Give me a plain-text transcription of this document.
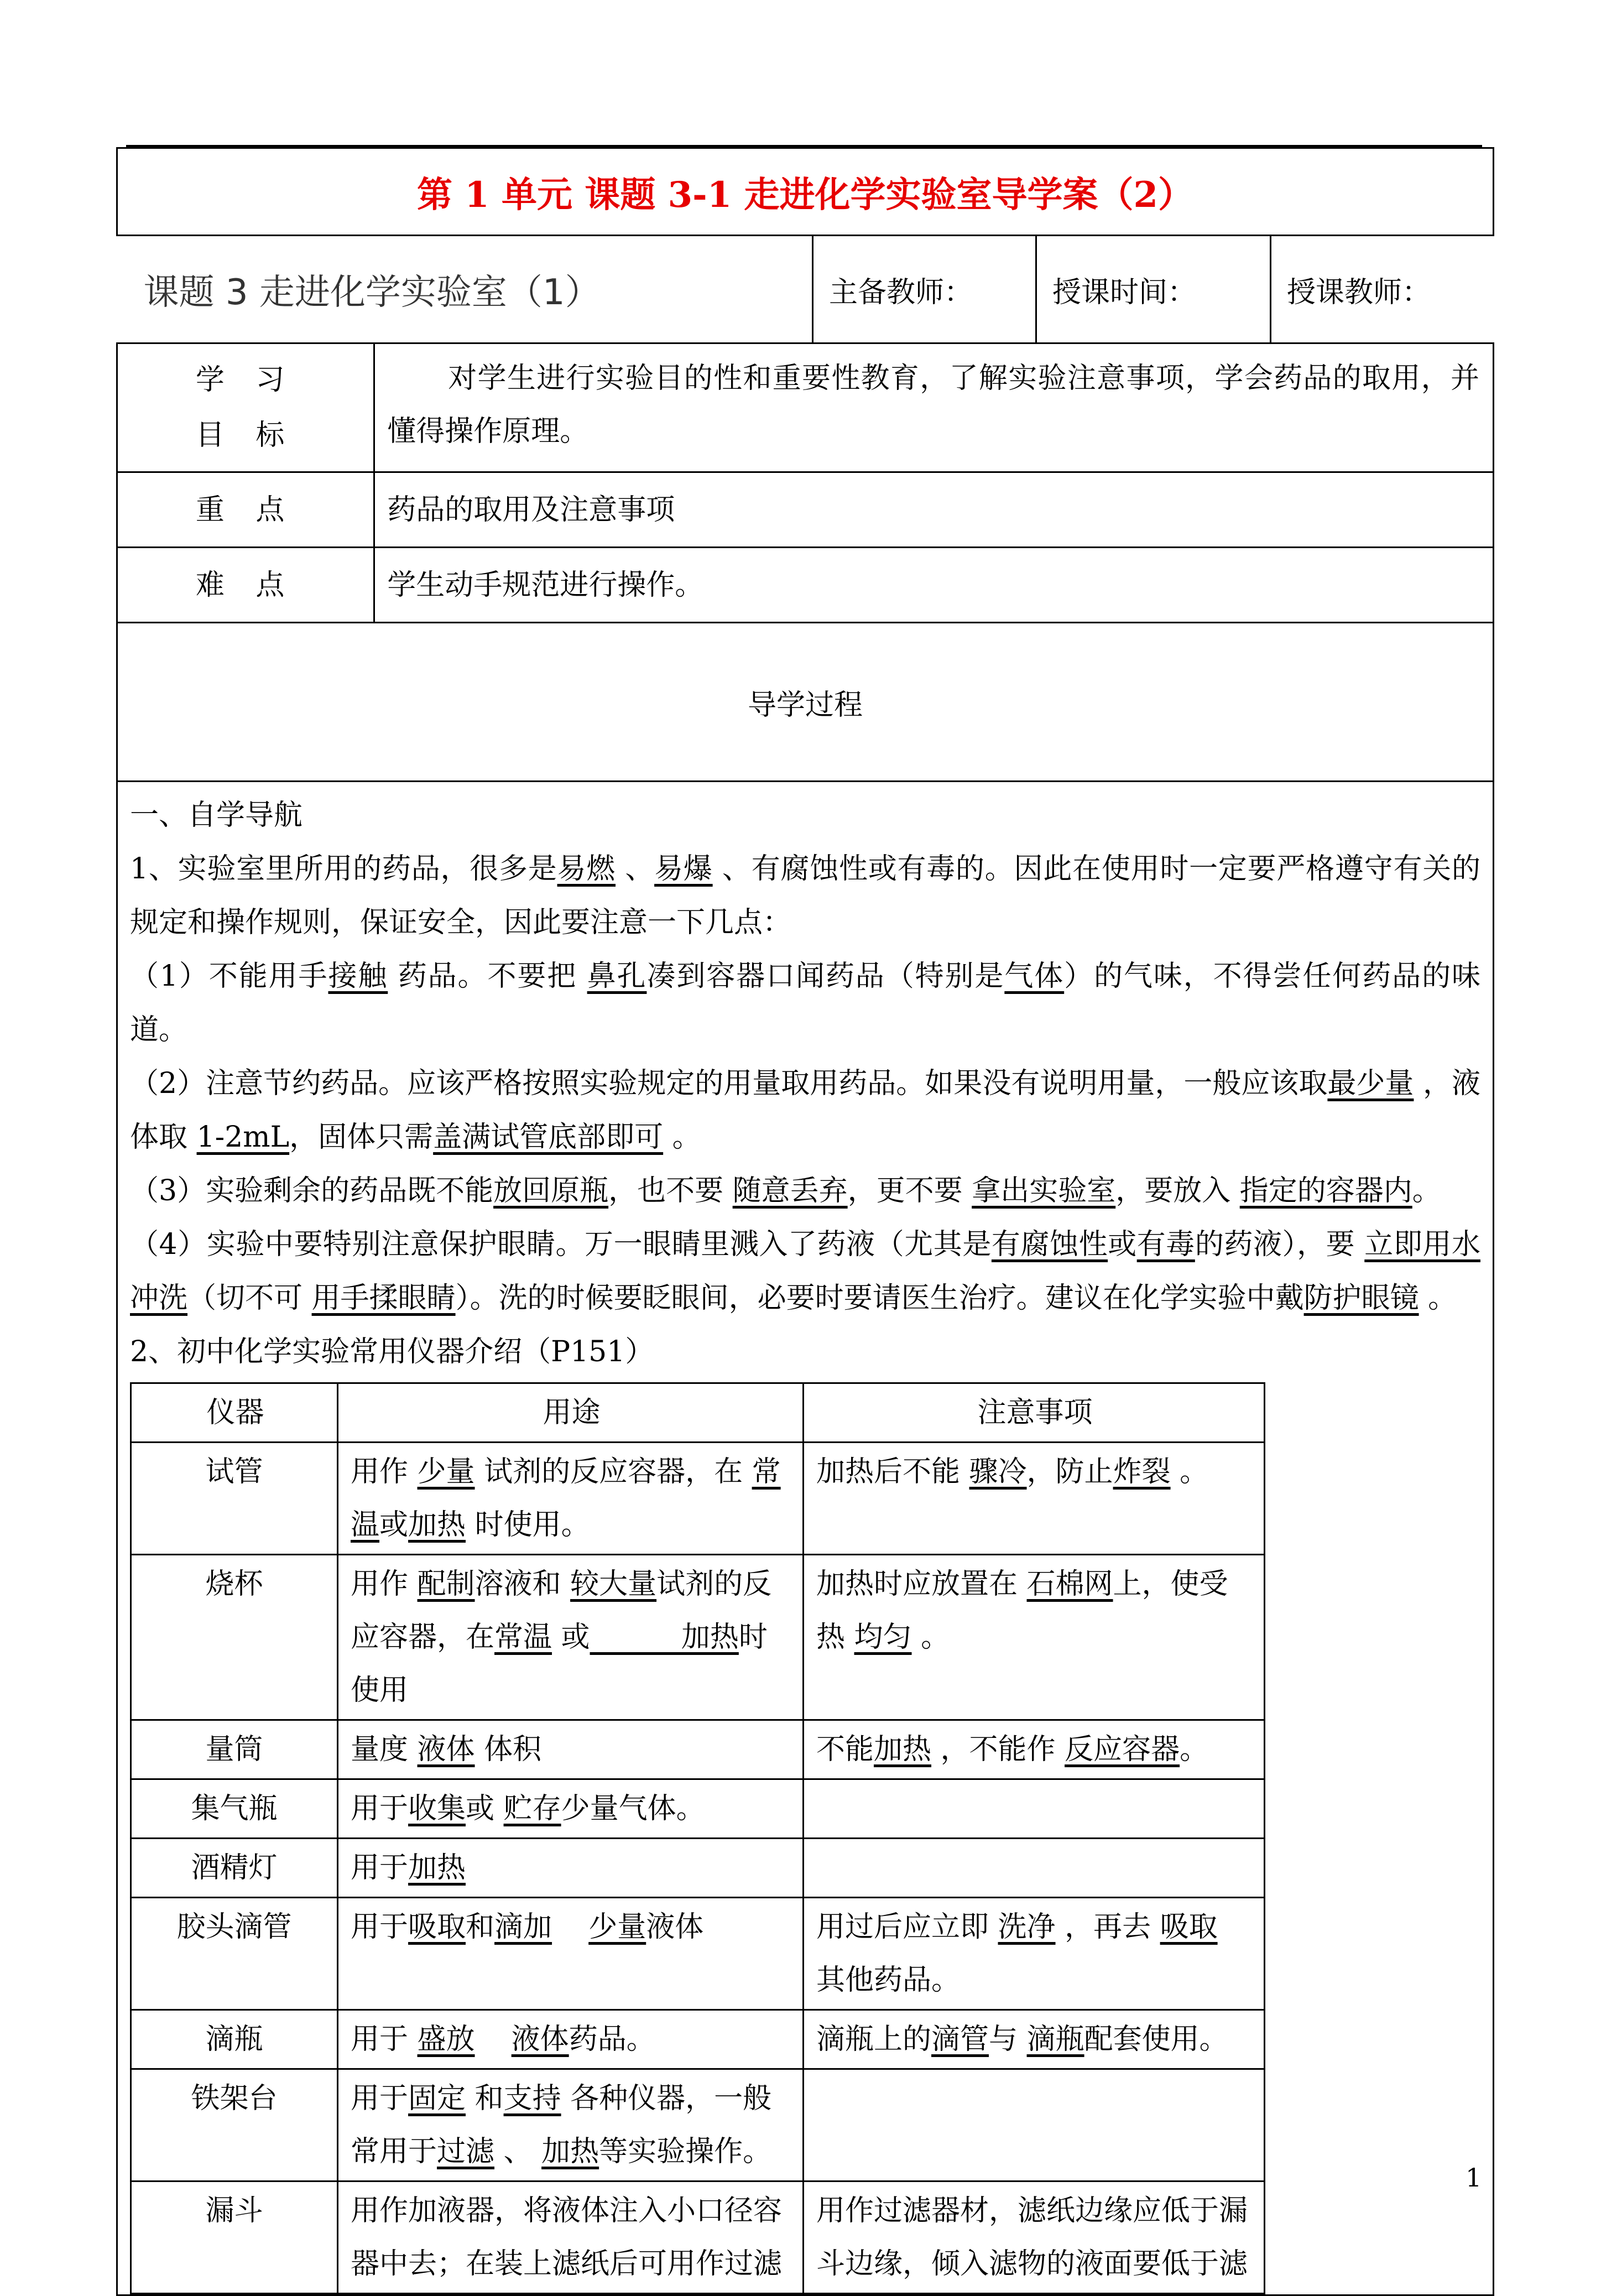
第 1 单元 课题 3-1 走进化学实验室导学案（2）

课题 3 走进化学实验室（1）	主备教师：	授课时间：	授课教师：

学 习
目 标

对学生进行实验目的性和重要性教育，了解实验注意事项，学会药品的取用，并懂得操作原理。

重 点	药品的取用及注意事项
难 点	学生动手规范进行操作。
导学过程

一、自学导航

1、实验室里所用的药品，很多是易燃 、易爆 、有腐蚀性或有毒的。因此在使用时一定要严格遵守有关的规定和操作规则，保证安全，因此要注意一下几点：

（1）不能用手接触 药品。不要把 鼻孔凑到容器口闻药品（特别是气体）的气味，不得尝任何药品的味道。

（2）注意节约药品。应该严格按照实验规定的用量取用药品。如果没有说明用量，一般应该取最少量 ，液体取 1-2mL，固体只需盖满试管底部即可 。

（3）实验剩余的药品既不能放回原瓶，也不要 随意丢弃，更不要 拿出实验室，要放入 指定的容器内。

（4）实验中要特别注意保护眼睛。万一眼睛里溅入了药液（尤其是有腐蚀性或有毒的药液），要 立即用水冲洗（切不可 用手揉眼睛）。洗的时候要眨眼间，必要时要请医生治疗。建议在化学实验中戴防护眼镜 。

2、初中化学实验常用仪器介绍（P151）

仪器	用途	注意事项
试管	用作 少量 试剂的反应容器，在 常温或加热 时使用。	加热后不能 骤冷，防止炸裂 。
烧杯	用作 配制溶液和 较大量试剂的反应容器，在常温 或          加热时使用	加热时应放置在 石棉网上，使受热 均匀 。
量筒	量度 液体 体积	不能加热 ，不能作 反应容器。
集气瓶	用于收集或 贮存少量气体。	
酒精灯	用于加热	
胶头滴管	用于吸取和滴加 少量液体	用过后应立即 洗净 ，再去 吸取 其他药品。
滴瓶	用于 盛放 液体药品。	滴瓶上的滴管与 滴瓶配套使用。
铁架台	用于固定 和支持 各种仪器，一般常用于过滤 、 加热等实验操作。	
漏斗	用作加液器，将液体注入小口径容器中去；在装上滤纸后可用作过滤	用作过滤器材，滤纸边缘应低于漏斗边缘，倾入滤物的液面要低于滤
1
